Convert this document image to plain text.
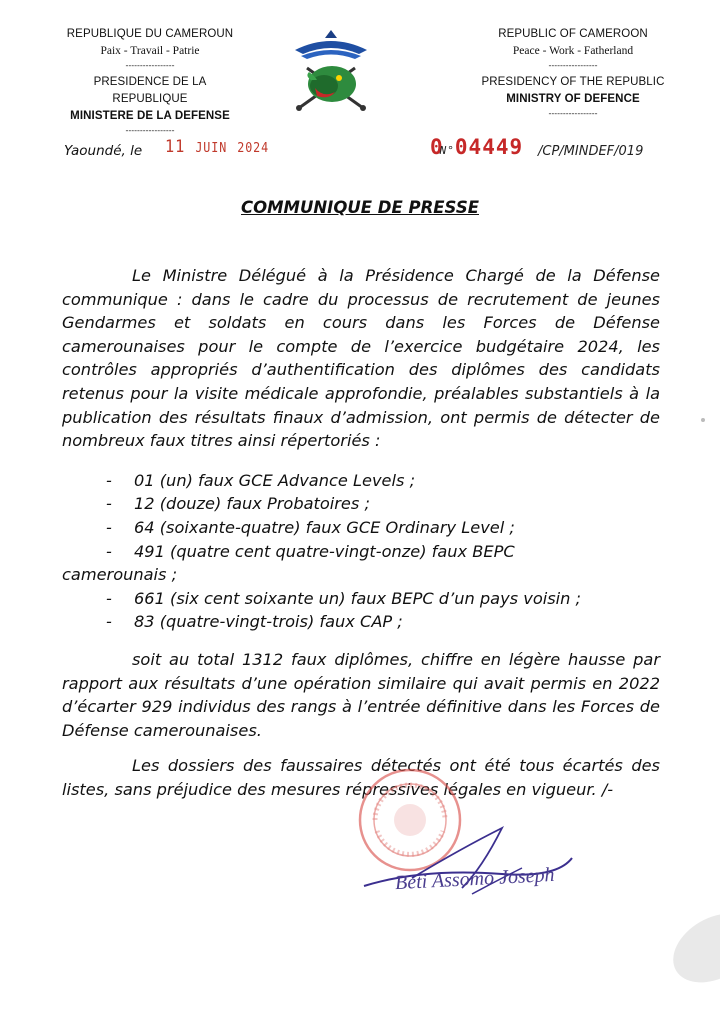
REPUBLIQUE DU CAMEROUN
Paix - Travail - Patrie
-----------------
PRESIDENCE DE LA REPUBLIQUE
MINISTERE DE LA DEFENSE
-----------------
REPUBLIC OF CAMEROON
Peace - Work - Fatherland
-----------------
PRESIDENCY OF THE REPUBLIC
MINISTRY OF DEFENCE
-----------------
Yaoundé, le 11 JUIN 2024	0N°04449 /CP/MINDEF/019
COMMUNIQUE DE PRESSE

Le Ministre Délégué à la Présidence Chargé de la Défense communique : dans le cadre du processus de recrutement de jeunes Gendarmes et soldats en cours dans les Forces de Défense camerounaises pour le compte de l’exercice budgétaire 2024, les contrôles appropriés d’authentification des diplômes des candidats retenus pour la visite médicale approfondie, préalables substantiels à la publication des résultats finaux d’admission, ont permis de détecter de nombreux faux titres ainsi répertoriés :

-	01 (un) faux GCE Advance Levels ;
-	12 (douze) faux Probatoires ;
-	64 (soixante-quatre) faux GCE Ordinary Level ;
-	491 (quatre cent quatre-vingt-onze) faux BEPC
camerounais ;
-	661 (six cent soixante un) faux BEPC d’un pays voisin ;
-	83 (quatre-vingt-trois) faux CAP ;

soit au total 1312 faux diplômes, chiffre en légère hausse par rapport aux résultats d’une opération similaire qui avait permis en 2022 d’écarter 929 individus des rangs à l’entrée définitive dans les Forces de Défense camerounaises.

Les dossiers des faussaires détectés ont été tous écartés des listes, sans préjudice des mesures répressives légales en vigueur. /-

Beti Assomo Joseph
